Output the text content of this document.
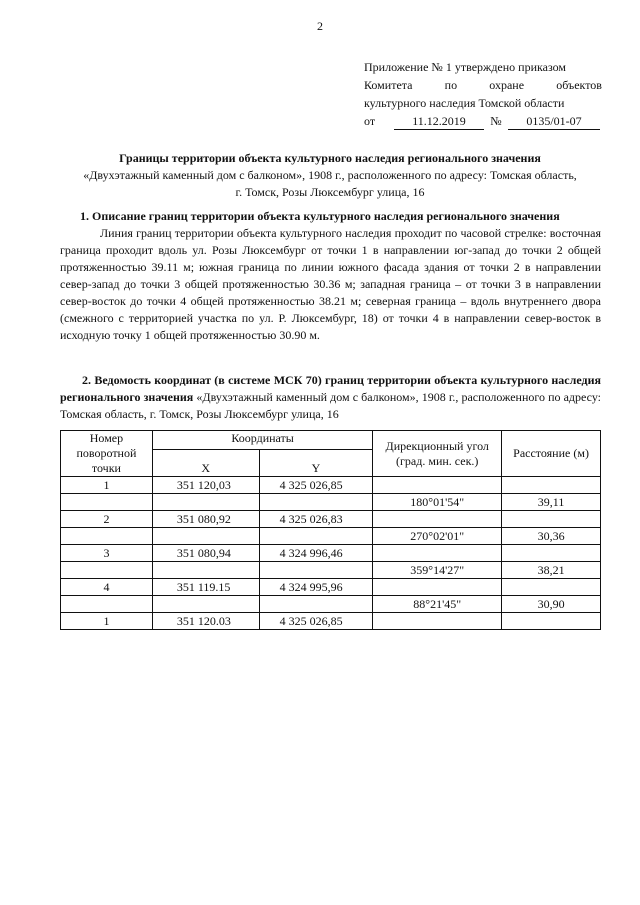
2
Приложение № 1 утверждено приказом
Комитета	по	охране	объектов
культурного наследия Томской области
от	11.12.2019	№	0135/01-07
Границы территории объекта культурного наследия регионального значения
«Двухэтажный каменный дом с балконом», 1908 г., расположенного по адресу: Томская область,
г. Томск, Розы Люксембург улица, 16
1. Описание границ территории объекта культурного наследия регионального значения

Линия границ территории объекта культурного наследия проходит по часовой стрелке: восточная граница проходит вдоль ул. Розы Люксембург от точки 1 в направлении юг-запад до точки 2 общей протяженностью 39.11 м; южная граница по линии южного фасада здания от точки 2 в направлении север-запад до точки 3 общей протяженностью 30.36 м; западная граница – от точки 3 в направлении север-восток до точки 4 общей протяженностью 38.21 м; северная граница – вдоль внутреннего двора (смежного с территорией участка по ул. Р. Люксембург, 18) от точки 4 в направлении север-восток в исходную точку 1 общей протяженностью 30.90 м.

2. Ведомость координат (в системе МСК 70) границ территории объекта культурного наследия регионального значения «Двухэтажный каменный дом с балконом», 1908 г., расположенного по адресу: Томская область, г. Томск, Розы Люксембург улица, 16
Номер поворотной точки	Координаты		Дирекционный угол (град. мин. сек.)	Расстояние (м)
	X	Y		
1	351 120,03	4 325 026,85		
			180°01'54"	39,11
2	351 080,92	4 325 026,83		
			270°02'01"	30,36
3	351 080,94	4 324 996,46		
			359°14'27"	38,21
4	351 119.15	4 324 995,96		
			88°21'45"	30,90
1	351 120.03	4 325 026,85		
